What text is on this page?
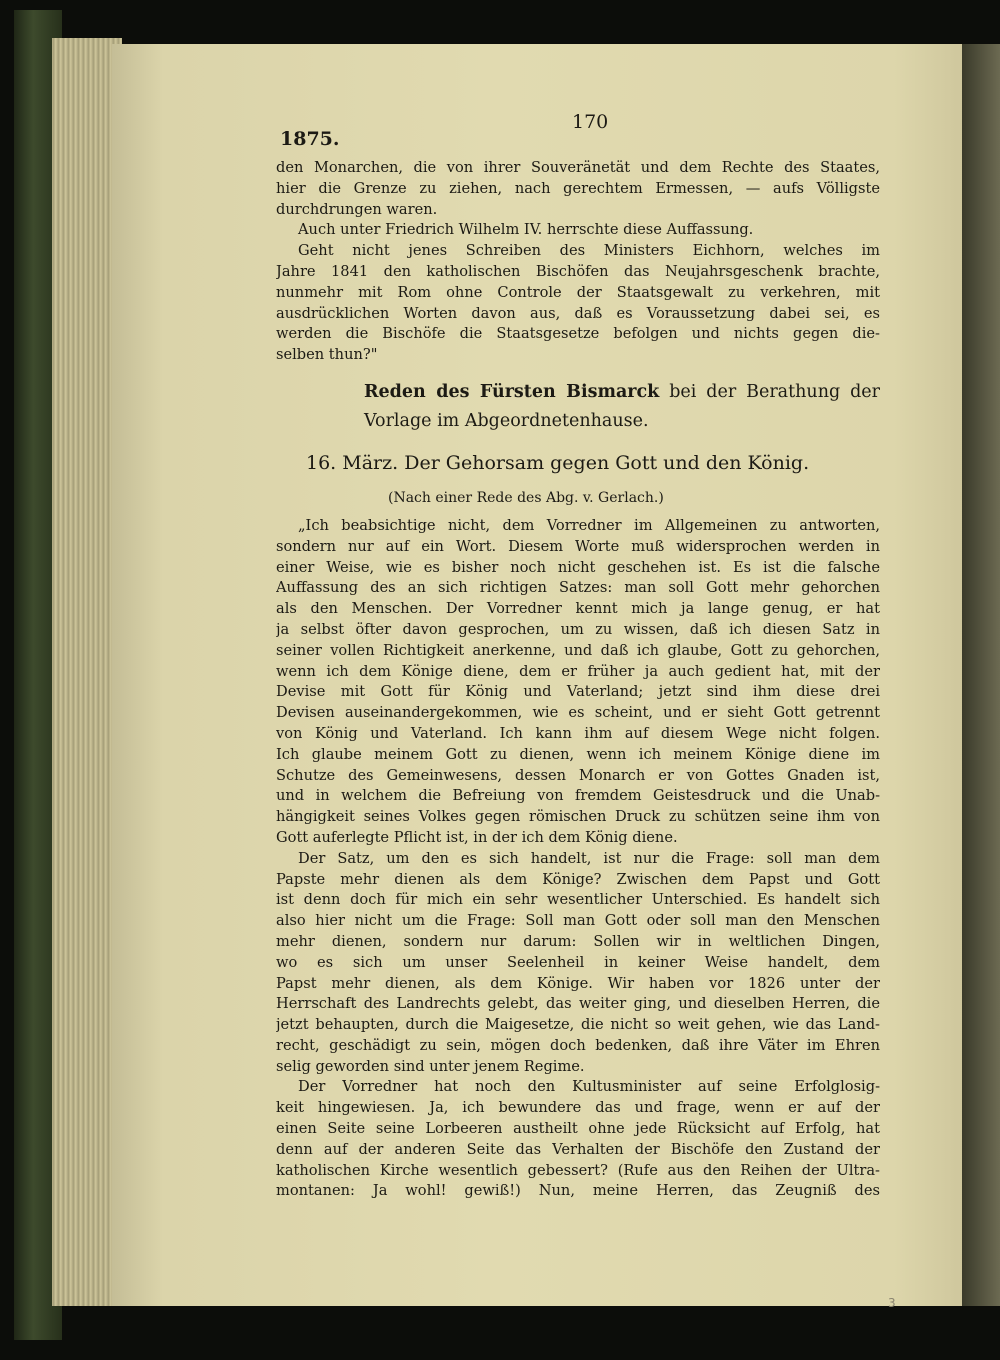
170
1875.

den Monarchen, die von ihrer Souveränetät und dem Rechte des Staates,

hier die Grenze zu ziehen, nach gerechtem Ermessen, — aufs Völligste

durchdrungen waren.

Auch unter Friedrich Wilhelm IV. herrschte diese Auffassung.

Geht nicht jenes Schreiben des Ministers Eichhorn, welches im

Jahre 1841 den katholischen Bischöfen das Neujahrsgeschenk brachte,

nunmehr mit Rom ohne Controle der Staatsgewalt zu verkehren, mit

ausdrücklichen Worten davon aus, daß es Voraussetzung dabei sei, es

werden die Bischöfe die Staatsgesetze befolgen und nichts gegen die-

selben thun?"

Reden des Fürsten Bismarck bei der Berathung der

Vorlage im Abgeordnetenhause.

16. März. Der Gehorsam gegen Gott und den König.

(Nach einer Rede des Abg. v. Gerlach.)

„Ich beabsichtige nicht, dem Vorredner im Allgemeinen zu antworten,

sondern nur auf ein Wort. Diesem Worte muß widersprochen werden in

einer Weise, wie es bisher noch nicht geschehen ist. Es ist die falsche

Auffassung des an sich richtigen Satzes: man soll Gott mehr gehorchen

als den Menschen. Der Vorredner kennt mich ja lange genug, er hat

ja selbst öfter davon gesprochen, um zu wissen, daß ich diesen Satz in

seiner vollen Richtigkeit anerkenne, und daß ich glaube, Gott zu gehorchen,

wenn ich dem Könige diene, dem er früher ja auch gedient hat, mit der

Devise mit Gott für König und Vaterland; jetzt sind ihm diese drei

Devisen auseinandergekommen, wie es scheint, und er sieht Gott getrennt

von König und Vaterland. Ich kann ihm auf diesem Wege nicht folgen.

Ich glaube meinem Gott zu dienen, wenn ich meinem Könige diene im

Schutze des Gemeinwesens, dessen Monarch er von Gottes Gnaden ist,

und in welchem die Befreiung von fremdem Geistesdruck und die Unab-

hängigkeit seines Volkes gegen römischen Druck zu schützen seine ihm von

Gott auferlegte Pflicht ist, in der ich dem König diene.

Der Satz, um den es sich handelt, ist nur die Frage: soll man dem

Papste mehr dienen als dem Könige? Zwischen dem Papst und Gott

ist denn doch für mich ein sehr wesentlicher Unterschied. Es handelt sich

also hier nicht um die Frage: Soll man Gott oder soll man den Menschen

mehr dienen, sondern nur darum: Sollen wir in weltlichen Dingen,

wo es sich um unser Seelenheil in keiner Weise handelt, dem

Papst mehr dienen, als dem Könige. Wir haben vor 1826 unter der

Herrschaft des Landrechts gelebt, das weiter ging, und dieselben Herren, die

jetzt behaupten, durch die Maigesetze, die nicht so weit gehen, wie das Land-

recht, geschädigt zu sein, mögen doch bedenken, daß ihre Väter im Ehren

selig geworden sind unter jenem Regime.

Der Vorredner hat noch den Kultusminister auf seine Erfolglosig-

keit hingewiesen. Ja, ich bewundere das und frage, wenn er auf der

einen Seite seine Lorbeeren austheilt ohne jede Rücksicht auf Erfolg, hat

denn auf der anderen Seite das Verhalten der Bischöfe den Zustand der

katholischen Kirche wesentlich gebessert? (Rufe aus den Reihen der Ultra-

montanen: Ja wohl! gewiß!) Nun, meine Herren, das Zeugniß des

3
